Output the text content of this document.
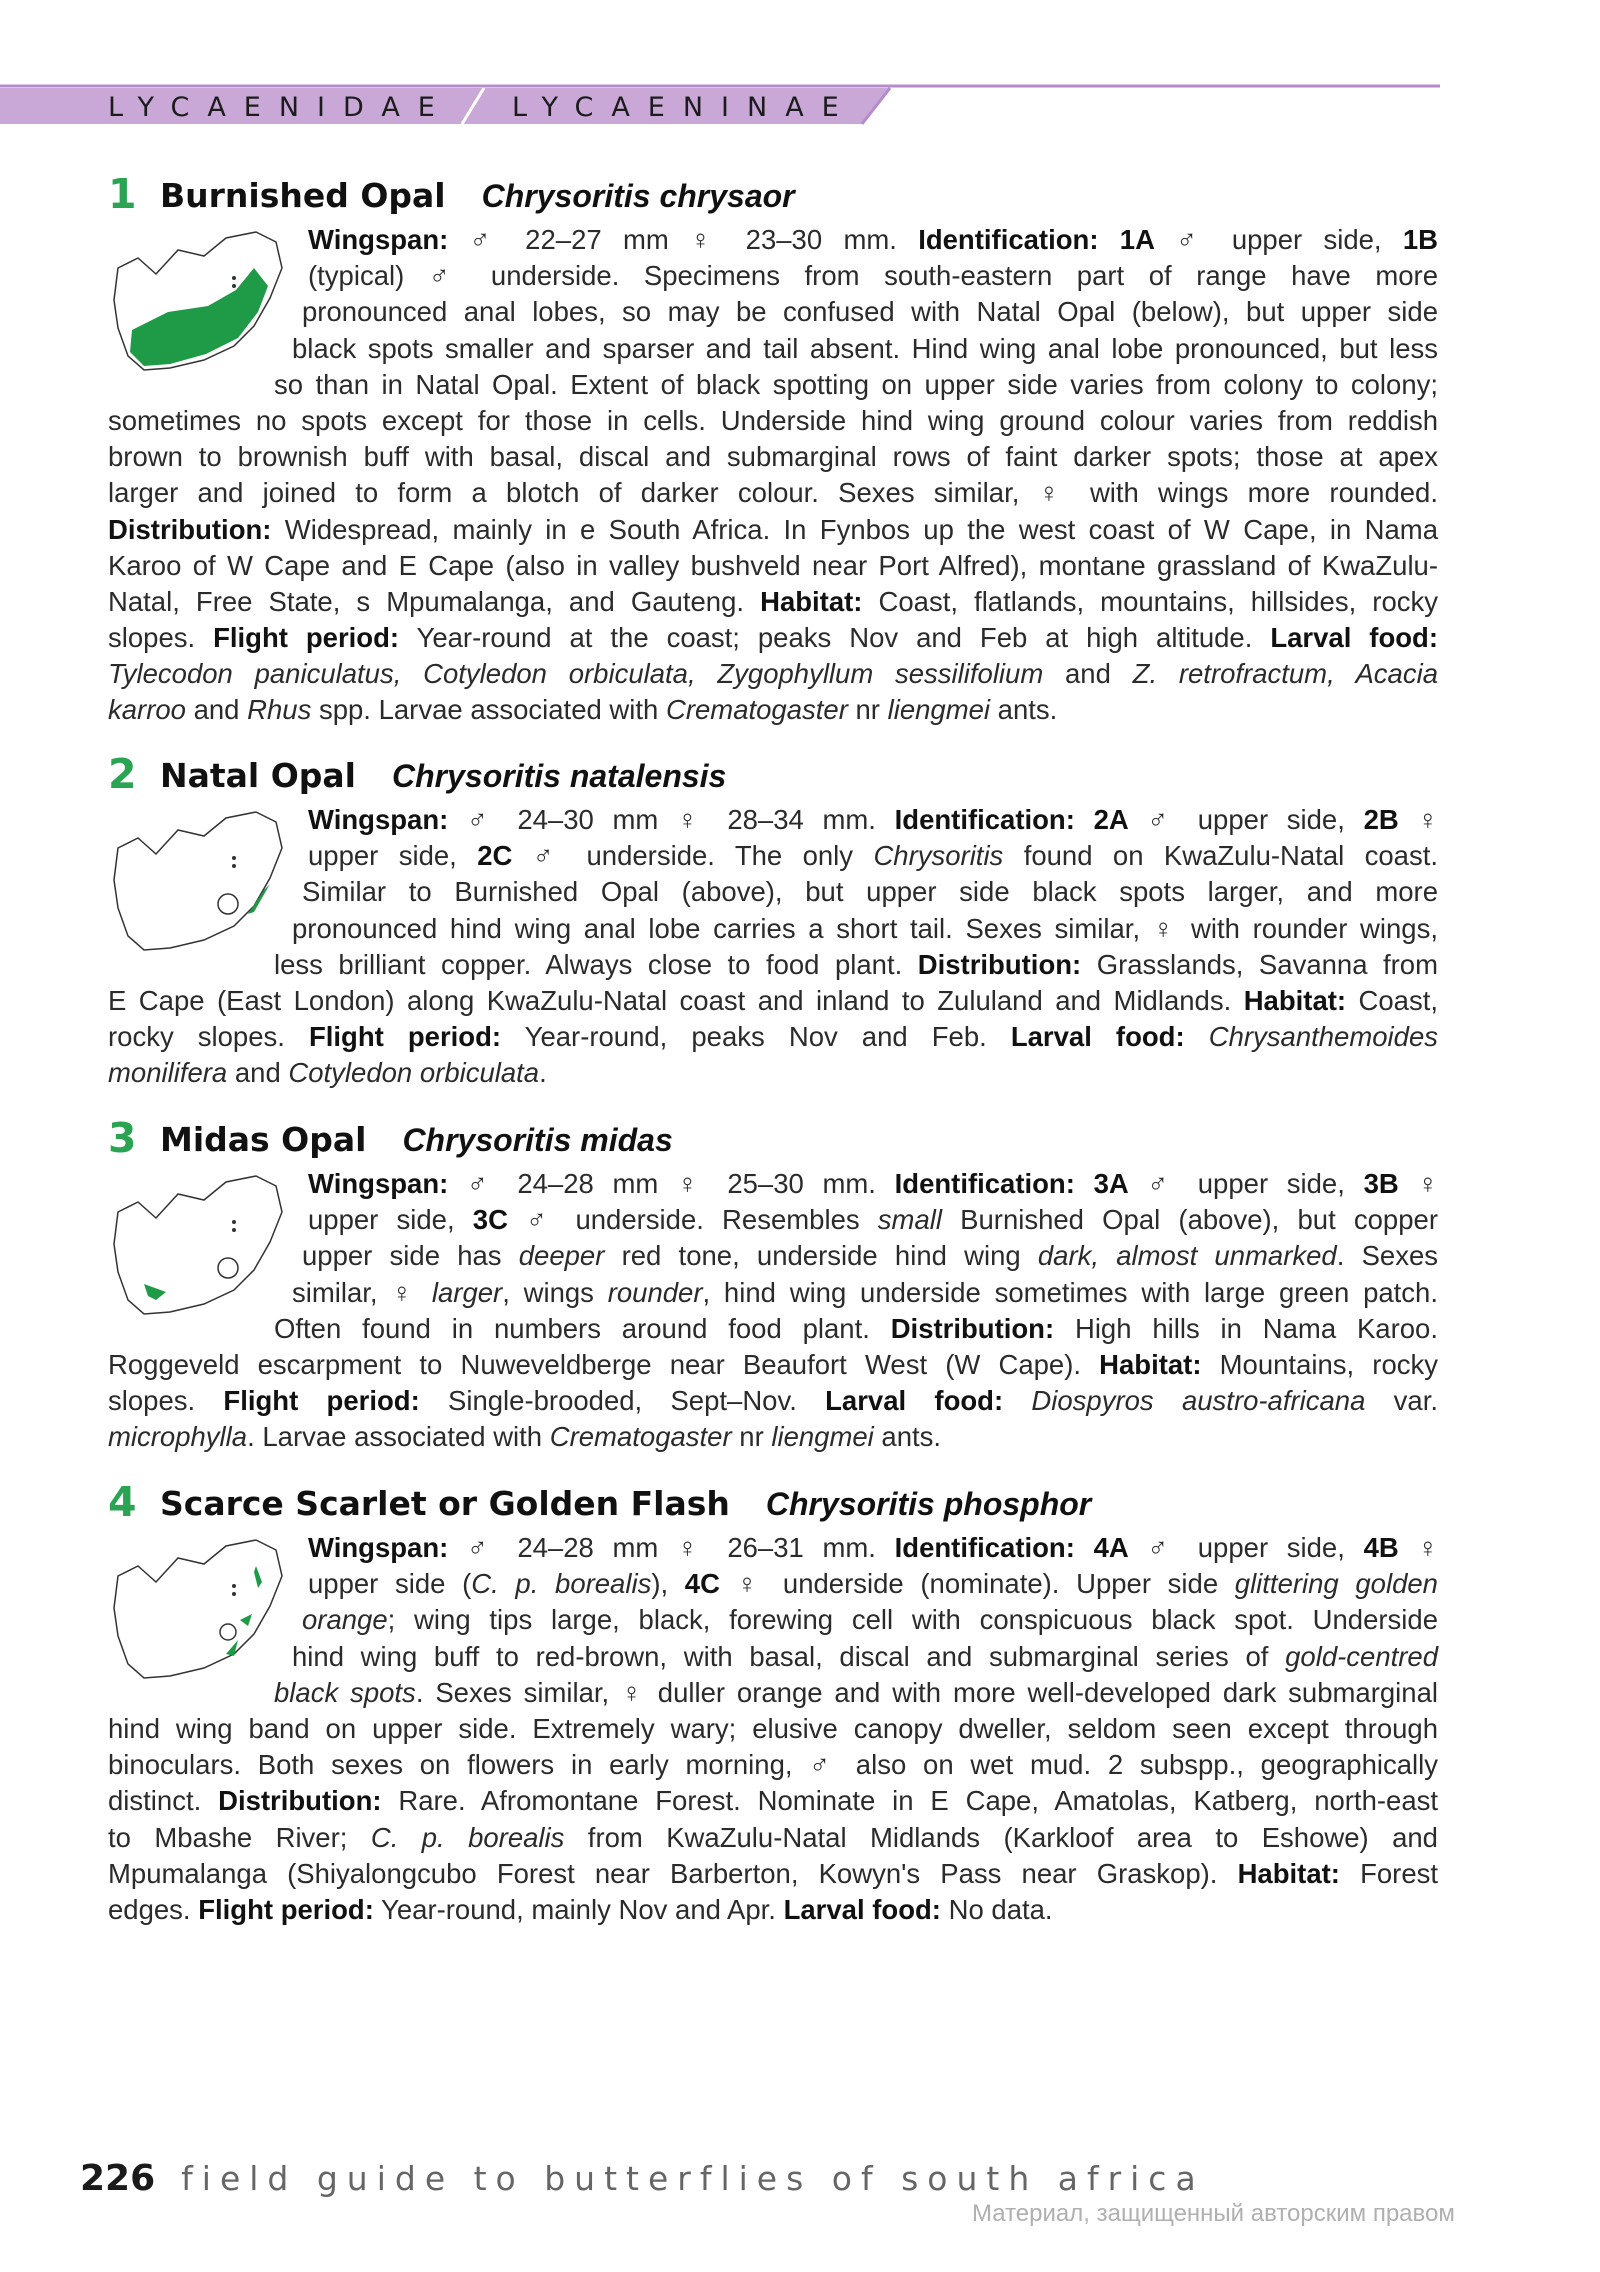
LYCAENIDAE LYCAENINAE
1 Burnished Opal Chrysoritis chrysaor
Wingspan: ♂ 22–27 mm ♀ 23–30 mm. Identification: 1A ♂ upper side, 1B
(typical) ♂ underside. Specimens from south-eastern part of range have more
pronounced anal lobes, so may be confused with Natal Opal (below), but upper side
black spots smaller and sparser and tail absent. Hind wing anal lobe pronounced, but less
so than in Natal Opal. Extent of black spotting on upper side varies from colony to colony;
sometimes no spots except for those in cells. Underside hind wing ground colour varies from reddish
brown to brownish buff with basal, discal and submarginal rows of faint darker spots; those at apex
larger and joined to form a blotch of darker colour. Sexes similar, ♀ with wings more rounded.
Distribution: Widespread, mainly in e South Africa. In Fynbos up the west coast of W Cape, in Nama
Karoo of W Cape and E Cape (also in valley bushveld near Port Alfred), montane grassland of KwaZulu-
Natal, Free State, s Mpumalanga, and Gauteng. Habitat: Coast, flatlands, mountains, hillsides, rocky
slopes. Flight period: Year-round at the coast; peaks Nov and Feb at high altitude. Larval food:
Tylecodon paniculatus, Cotyledon orbiculata, Zygophyllum sessilifolium and Z. retrofractum, Acacia
karroo and Rhus spp. Larvae associated with Crematogaster nr liengmei ants.
2 Natal Opal Chrysoritis natalensis
Wingspan: ♂ 24–30 mm ♀ 28–34 mm. Identification: 2A ♂ upper side, 2B ♀
upper side, 2C ♂ underside. The only Chrysoritis found on KwaZulu-Natal coast.
Similar to Burnished Opal (above), but upper side black spots larger, and more
pronounced hind wing anal lobe carries a short tail. Sexes similar, ♀ with rounder wings,
less brilliant copper. Always close to food plant. Distribution: Grasslands, Savanna from
E Cape (East London) along KwaZulu-Natal coast and inland to Zululand and Midlands. Habitat: Coast,
rocky slopes. Flight period: Year-round, peaks Nov and Feb. Larval food: Chrysanthemoides
monilifera and Cotyledon orbiculata.
3 Midas Opal Chrysoritis midas
Wingspan: ♂ 24–28 mm ♀ 25–30 mm. Identification: 3A ♂ upper side, 3B ♀
upper side, 3C ♂ underside. Resembles small Burnished Opal (above), but copper
upper side has deeper red tone, underside hind wing dark, almost unmarked. Sexes
similar, ♀ larger, wings rounder, hind wing underside sometimes with large green patch.
Often found in numbers around food plant. Distribution: High hills in Nama Karoo.
Roggeveld escarpment to Nuweveldberge near Beaufort West (W Cape). Habitat: Mountains, rocky
slopes. Flight period: Single-brooded, Sept–Nov. Larval food: Diospyros austro-africana var.
microphylla. Larvae associated with Crematogaster nr liengmei ants.
4 Scarce Scarlet or Golden Flash Chrysoritis phosphor
Wingspan: ♂ 24–28 mm ♀ 26–31 mm. Identification: 4A ♂ upper side, 4B ♀
upper side (C. p. borealis), 4C ♀ underside (nominate). Upper side glittering golden
orange; wing tips large, black, forewing cell with conspicuous black spot. Underside
hind wing buff to red-brown, with basal, discal and submarginal series of gold-centred
black spots. Sexes similar, ♀ duller orange and with more well-developed dark submarginal
hind wing band on upper side. Extremely wary; elusive canopy dweller, seldom seen except through
binoculars. Both sexes on flowers in early morning, ♂ also on wet mud. 2 subspp., geographically
distinct. Distribution: Rare. Afromontane Forest. Nominate in E Cape, Amatolas, Katberg, north-east
to Mbashe River; C. p. borealis from KwaZulu-Natal Midlands (Karkloof area to Eshowe) and
Mpumalanga (Shiyalongcubo Forest near Barberton, Kowyn's Pass near Graskop). Habitat: Forest
edges. Flight period: Year-round, mainly Nov and Apr. Larval food: No data.
226 field guide to butterflies of south africa
Материал, защищенный авторским правом
